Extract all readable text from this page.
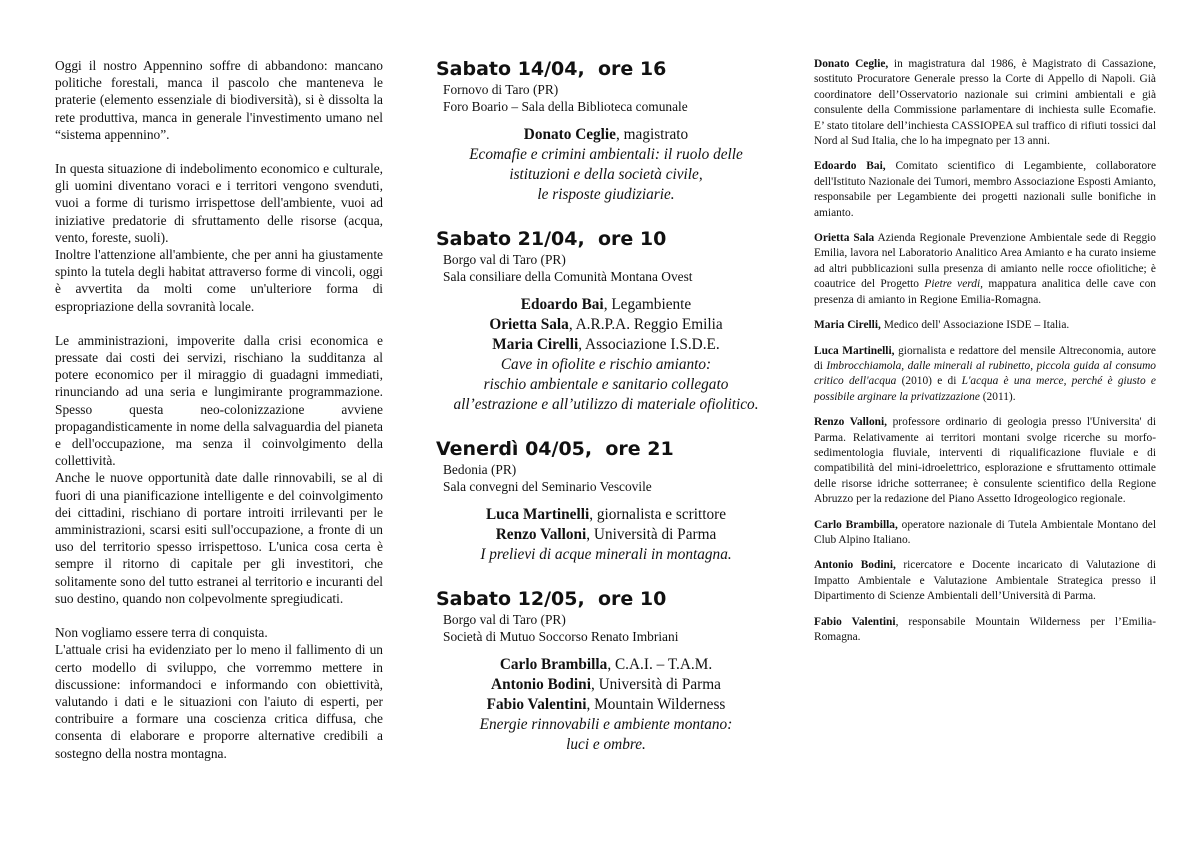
Oggi il nostro Appennino soffre di abbandono: mancano politiche forestali, manca il pascolo che manteneva le praterie (elemento essenziale di biodiversità), si è dissolta la rete produttiva, manca in generale l'investimento umano nel “sistema appennino”.

In questa situazione di indebolimento economico e culturale, gli uomini diventano voraci e i territori vengono svenduti, vuoi a forme di turismo irrispettose dell'ambiente, vuoi ad iniziative predatorie di sfruttamento delle risorse (acqua, vento, foreste, suoli).

Inoltre l'attenzione all'ambiente, che per anni ha giustamente spinto la tutela degli habitat attraverso forme di vincoli, oggi è avvertita da molti come un'ulteriore forma di espropriazione della sovranità locale.

Le amministrazioni, impoverite dalla crisi economica e pressate dai costi dei servizi, rischiano la sudditanza al potere economico per il miraggio di guadagni immediati, rinunciando ad una seria e lungimirante programmazione. Spesso questa neo-colonizzazione avviene propagandisticamente in nome della salvaguardia del pianeta e dell'occupazione, ma senza il coinvolgimento della collettività.

Anche le nuove opportunità date dalle rinnovabili, se al di fuori di una pianificazione intelligente e del coinvolgimento dei cittadini, rischiano di portare introiti irrilevanti per le amministrazioni, scarsi esiti sull'occupazione, a fronte di un uso del territorio spesso irrispettoso. L'unica cosa certa è sempre il ritorno di capitale per gli investitori, che solitamente sono del tutto estranei al territorio e incuranti del suo destino, quando non colpevolmente spregiudicati.

Non vogliamo essere terra di conquista.

L'attuale crisi ha evidenziato per lo meno il fallimento di un certo modello di sviluppo, che vorremmo mettere in discussione: informandoci e informando con obiettività, valutando i dati e le situazioni con l'aiuto di esperti, per contribuire a formare una coscienza critica diffusa, che consenta di elaborare e proporre alternative credibili a sostegno della nostra montagna.

Sabato 14/04,  ore 16

Fornovo di Taro (PR)

Foro Boario – Sala della Biblioteca comunale

Donato Ceglie, magistrato

Ecomafie e crimini ambientali: il ruolo delle

istituzioni e della società civile,

le risposte giudiziarie.

Sabato 21/04,  ore 10

Borgo val di Taro (PR)

Sala consiliare della Comunità Montana Ovest

Edoardo Bai, Legambiente

Orietta Sala, A.R.P.A. Reggio Emilia

Maria Cirelli, Associazione I.S.D.E.

Cave in ofiolite e rischio amianto:

rischio ambientale e sanitario collegato

all’estrazione e all’utilizzo di materiale ofiolitico.

Venerdì 04/05,  ore 21

Bedonia (PR)

Sala convegni del Seminario Vescovile

Luca Martinelli, giornalista e scrittore

Renzo Valloni, Università di Parma

I prelievi di acque minerali in montagna.

Sabato 12/05,  ore 10

Borgo val di Taro (PR)

Società di Mutuo Soccorso Renato Imbriani

Carlo Brambilla, C.A.I. – T.A.M.

Antonio Bodini, Università di Parma

Fabio Valentini, Mountain Wilderness

Energie rinnovabili e ambiente montano:

luci e ombre.

Donato Ceglie, in magistratura dal 1986, è Magistrato di Cassazione, sostituto Procuratore Generale presso la Corte di Appello di Napoli. Già coordinatore dell’Osservatorio nazionale sui crimini ambientali e già consulente della Commissione parlamentare di inchiesta sulle Ecomafie. E’ stato titolare dell’inchiesta CASSIOPEA sul traffico di rifiuti tossici dal Nord al Sud Italia, che lo ha impegnato per 13 anni.

Edoardo Bai, Comitato scientifico di Legambiente, collaboratore dell'Istituto Nazionale dei Tumori, membro Associazione Esposti Amianto, responsabile per Legambiente dei progetti nazionali sulle bonifiche in amianto.

Orietta Sala Azienda Regionale Prevenzione Ambientale sede di Reggio Emilia, lavora nel Laboratorio Analitico Area Amianto e ha curato insieme ad altri pubblicazioni sulla presenza di amianto nelle rocce ofiolitiche; è coautrice del Progetto Pietre verdi, mappatura analitica delle cave con presenza di amianto in Regione Emilia-Romagna.

Maria Cirelli, Medico dell' Associazione ISDE – Italia.

Luca Martinelli, giornalista e redattore del mensile Altreconomia, autore di Imbrocchiamola, dalle minerali al rubinetto, piccola guida al consumo critico dell'acqua (2010) e di L'acqua è una merce, perché è giusto e possibile arginare la privatizzazione (2011).

Renzo Valloni, professore ordinario di geologia presso l'Universita' di Parma. Relativamente ai territori montani svolge ricerche su morfo-sedimentologia fluviale, interventi di riqualificazione fluviale e di compatibilità del mini-idroelettrico, esplorazione e sfruttamento ottimale delle risorse idriche sotterranee; è consulente scientifico della Regione Abruzzo per la redazione del Piano Assetto Idrogeologico regionale.

Carlo Brambilla, operatore nazionale di Tutela Ambientale Montano del Club Alpino Italiano.

Antonio Bodini, ricercatore e Docente incaricato di Valutazione di Impatto Ambientale e Valutazione Ambientale Strategica presso il Dipartimento di Scienze Ambientali dell’Università di Parma.

Fabio Valentini, responsabile Mountain Wilderness per l’Emilia-Romagna.
